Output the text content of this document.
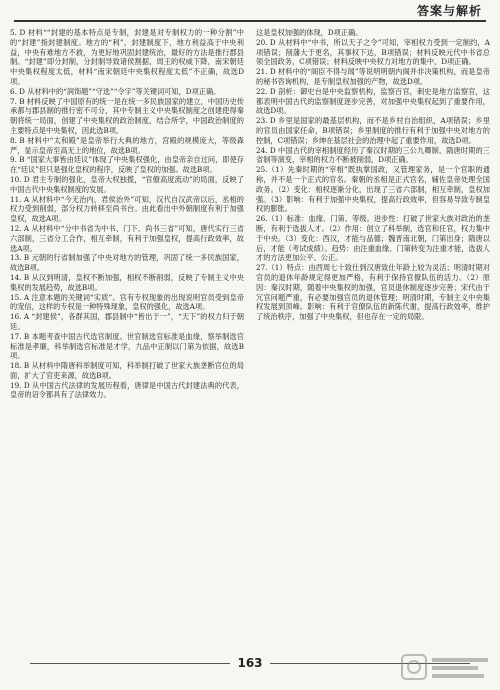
答案与解析

5. D 材料““封建的基本特点是专制，封建是对专制权力的一种分割”中的“封建”指封建制度。地方的“利”，封建制度下，地方利益高于中央利益，中央有难地方不救，为更好地巩固封建统治，最好的方法是推行郡县制。“封建”即分封制，分封制导致诸侯割据，周王的权威下降，南宋朝廷中央集权程度太低，材料“南宋朝廷中央集权程度太低”不正确，故选D项。

6. D 从材料中的“润饰题”“守选”“令字”等关键词可知，D项正确。

7. B 材料反映了中国原有的统一是在统一多民族国家的建立，中国历史传承都与郡县制的推行密不可分，其中专制主义中央集权制度之创建使得秦朝将统一局面，创建了中央集权的政治制度，结合所学，中国政治制度的主要特点是中央集权，因此选B项。

8. B 材料中“太和殿”是皇帝举行大典的地方，宫殿的规模庞大，等级森严，显示皇帝至高无上的地位，故选B项。

9. B “国家大事皆由廷议”体现了中央集权强化，由皇帝亲自过问，即使存在“廷议”但只是强化皇权的程序，反映了皇权的加强。故选B项。

10. D 君主专制的强化，皇帝大权独揽，“官僚高度流动”的局面，反映了中国古代中央集权制度的发展。

11. A 从材料中“今无治内，君侯治外”可知，汉代自汉武帝以后，丞相的权力受到削弱，部分权力转移至尚书台。由此看出中外朝制度有利于加强皇权，故选A项。

12. A 从材料中“分中书省为中书、门下、尚书三省”可知，唐代实行三省六部制，三省分工合作，相互牵制，有利于加强皇权，提高行政效率，故选A项。

13. B 元朝的行省制加强了中央对地方的管理，巩固了统一多民族国家，故选B项。

14. B 从汉到明清，皇权不断加强，相权不断削弱，反映了专制主义中央集权的发展趋势，故选B项。

15. A 注意本题的关键词“实质”。官有专权现象的出现说明官员受到皇帝的宠信，这样的专权是一种特殊现象，皇权的强化，故选A项。

16. A “封建侯”，各群其国，郡县制中“皆出于一”，“天下”的权力归于朝廷。

17. B 本题考查中国古代选官制度。世官制选官标准是血缘，察举制选官标准是孝廉，科举制选官标准是才学，九品中正制以门第为依据，故选B项。

18. B 从材料中隋唐科举制度可知，科举制打破了世家大族垄断官位的局面，扩大了官吏来源，故选B项。

19. D 从中国古代法律的发展历程看，唐律是中国古代封建法典的代表，皇帝的诏令都具有了法律效力。

这是皇权加强的体现，D项正确。

20. D 从材料中“中书，所以天子之令”可知，宰相权力受到一定制约，A项错误；削藩大于更名，其事权下达，B项错误；材料反映元代中书省总领全国政务，C项错误；材料反映中央权力对地方的集中，D项正确。

21. D 材料中的“阁臣不得与闻”等说明明朝内阁并非决策机构，而是皇帝的秘书咨询机构，是专制皇权加强的产物，故选D项。

22. D 剖析：御史台是中央监察机构，监察百官，刺史是地方监察官，这都表明中国古代的监察制度逐步完善，对加强中央集权起到了重要作用，故选D项。

23. D 乡里是国家的最基层机构，而不是乡村自治组织，A项错误；乡里的官员由国家任命，B项错误；乡里制度的推行有利于加强中央对地方的控制，C项错误；乡绅在基层社会的治理中起了重要作用，故选D项。

24. D 中国古代的宰相制度经历了秦汉时期的三公九卿制、隋唐时期的三省制等演变，宰相的权力不断被削弱，D项正确。

25.（1）先秦时期的“宰相”既执掌国政，又管理家务，是一个官职的通称，并不是一个正式的官名。秦朝的丞相是正式官名，辅佐皇帝处理全国政务。（2）变化：相权逐渐分化，出现了三省六部制，相互牵制，皇权加强。（3）影响：有利于加强中央集权，提高行政效率，但容易导致专制皇权的膨胀。

26.（1）标准：血缘、门第、等级。进步性：打破了世家大族对政治的垄断，有利于选拔人才。（2）作用：创立了科举制，选官和任官，权力集中于中央。（3）变化：西汉，才能与品德；魏晋南北朝，门第出身；隋唐以后，才能（考试成绩）。趋势：由注重血缘、门第转变为注重才能，选拔人才的方法更加公平、公正。

27.（1）特点：由西周七十致仕到汉唐致仕年龄上较为灵活；明清时期对官员的退休年龄规定得更加严格，有利于保持官僚队伍的活力。（2）原因：秦汉时期，随着中央集权的加强，官员退休制度逐步完善；宋代由于冗官问题严重，有必要加强官员的退休管理；明清时期，专制主义中央集权发展到顶峰。影响：有利于官僚队伍的新陈代谢，提高行政效率，维护了统治秩序，加强了中央集权，但也存在一定的局限。

163
